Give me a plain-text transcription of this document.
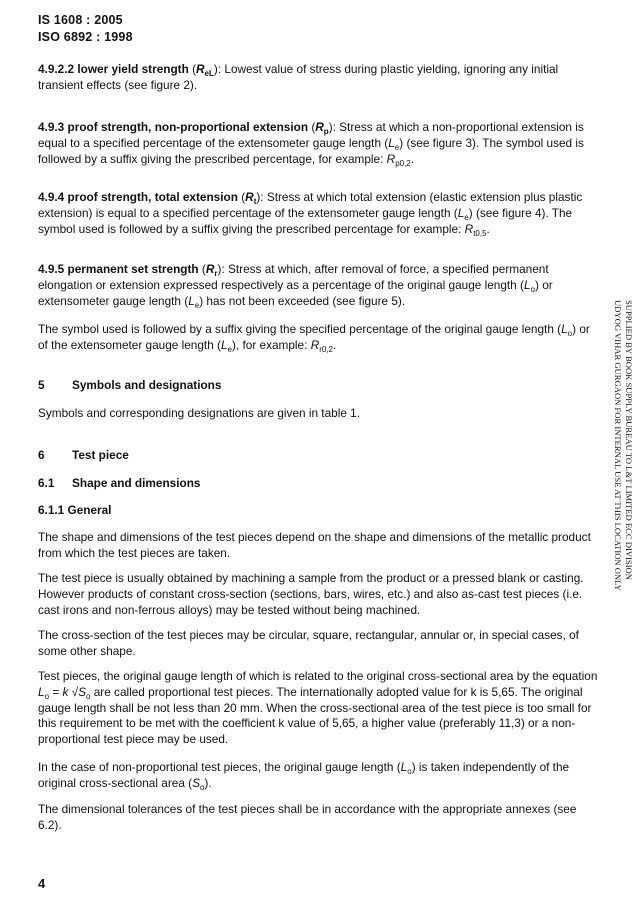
IS 1608 : 2005
ISO 6892 : 1998
4.9.2.2 lower yield strength $(R_{eL})$: Lowest value of stress during plastic yielding, ignoring any initial transient effects (see figure 2).
4.9.3 proof strength, non-proportional extension $(R_p)$: Stress at which a non-proportional extension is equal to a specified percentage of the extensometer gauge length $(L_e)$ (see figure 3). The symbol used is followed by a suffix giving the prescribed percentage, for example: $R_{p0,2}$.
4.9.4 proof strength, total extension $(R_t)$: Stress at which total extension (elastic extension plus plastic extension) is equal to a specified percentage of the extensometer gauge length $(L_e)$ (see figure 4). The symbol used is followed by a suffix giving the prescribed percentage for example: $R_{t0,5}$.
4.9.5 permanent set strength $(R_r)$: Stress at which, after removal of force, a specified permanent elongation or extension expressed respectively as a percentage of the original gauge length $(L_o)$ or extensometer gauge length $(L_e)$ has not been exceeded (see figure 5).
The symbol used is followed by a suffix giving the specified percentage of the original gauge length $(L_o)$ or of the extensometer gauge length $(L_e)$, for example: $R_{r0,2}$.
5 Symbols and designations
Symbols and corresponding designations are given in table 1.
6 Test piece
6.1 Shape and dimensions
6.1.1 General
The shape and dimensions of the test pieces depend on the shape and dimensions of the metallic product from which the test pieces are taken.
The test piece is usually obtained by machining a sample from the product or a pressed blank or casting. However products of constant cross-section (sections, bars, wires, etc.) and also as-cast test pieces (i.e. cast irons and non-ferrous alloys) may be tested without being machined.
The cross-section of the test pieces may be circular, square, rectangular, annular or, in special cases, of some other shape.
Test pieces, the original gauge length of which is related to the original cross-sectional area by the equation $L_o = k$ $√S_o$ are called proportional test pieces. The internationally adopted value for k is 5,65. The original gauge length shall be not less than 20 mm. When the cross-sectional area of the test piece is too small for this requirement to be met with the coefficient k value of 5,65, a higher value (preferably 11,3) or a non-proportional test piece may be used.
In the case of non-proportional test pieces, the original gauge length $(L_o)$ is taken independently of the original cross-sectional area $(S_o)$.
The dimensional tolerances of the test pieces shall be in accordance with the appropriate annexes (see 6.2).
SUPPLIED BY BOOK SUPPLY BUREAU TO L&T LIMITED ECC DIVISION
UDYOG VIHAR GURGAON FOR INTERNAL USE AT THIS LOCATION ONLY
4
